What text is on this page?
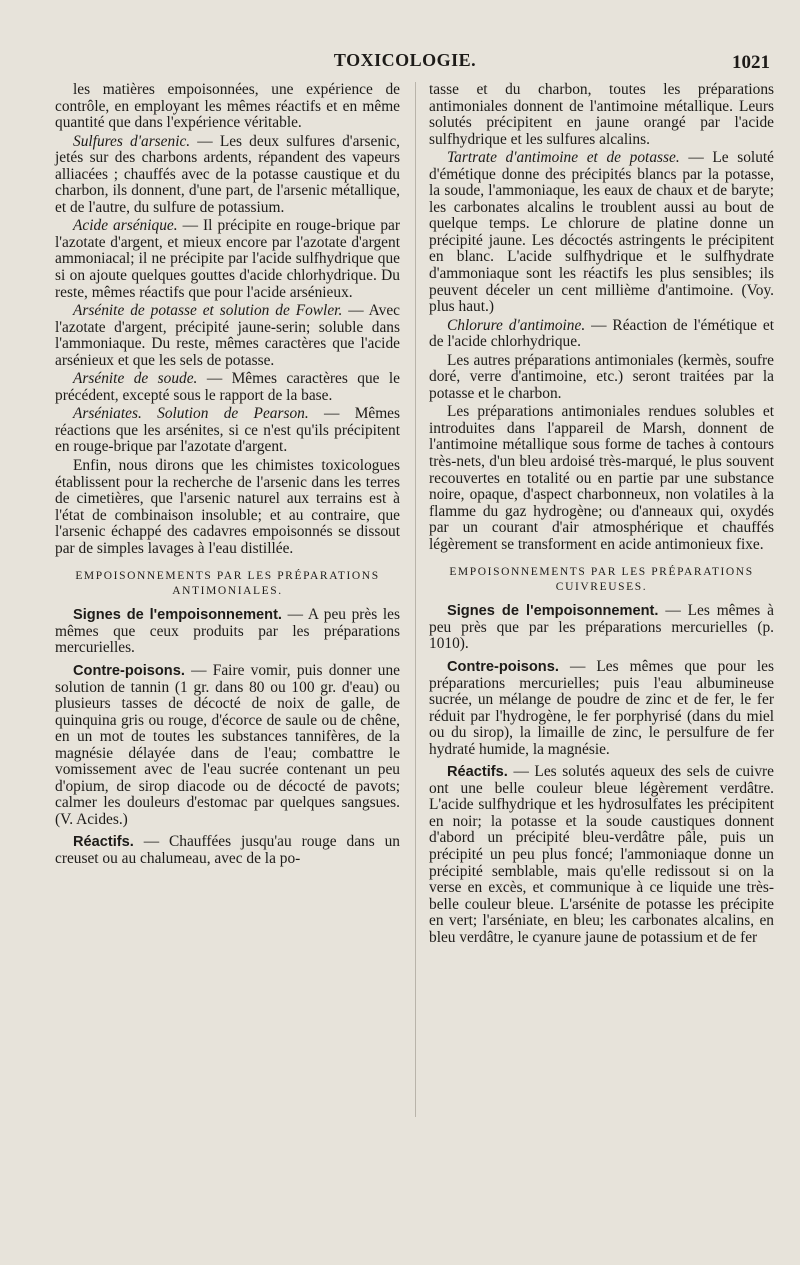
TOXICOLOGIE.	1021

les matières empoisonnées, une expérience de contrôle, en employant les mêmes réactifs et en même quantité que dans l'expérience véritable.

Sulfures d'arsenic. — Les deux sulfures d'arsenic, jetés sur des charbons ardents, répandent des vapeurs alliacées ; chauffés avec de la potasse caustique et du charbon, ils donnent, d'une part, de l'arsenic métallique, et de l'autre, du sulfure de potassium.

Acide arsénique. — Il précipite en rouge-brique par l'azotate d'argent, et mieux encore par l'azotate d'argent ammoniacal; il ne précipite par l'acide sulfhydrique que si on ajoute quelques gouttes d'acide chlorhydrique. Du reste, mêmes réactifs que pour l'acide arsénieux.

Arsénite de potasse et solution de Fowler. — Avec l'azotate d'argent, précipité jaune-serin; soluble dans l'ammoniaque. Du reste, mêmes caractères que l'acide arsénieux et que les sels de potasse.

Arsénite de soude. — Mêmes caractères que le précédent, excepté sous le rapport de la base.

Arséniates. Solution de Pearson. — Mêmes réactions que les arsénites, si ce n'est qu'ils précipitent en rouge-brique par l'azotate d'argent.

Enfin, nous dirons que les chimistes toxicologues établissent pour la recherche de l'arsenic dans les terres de cimetières, que l'arsenic naturel aux terrains est à l'état de combinaison insoluble; et au contraire, que l'arsenic échappé des cadavres empoisonnés se dissout par de simples lavages à l'eau distillée.

EMPOISONNEMENTS PAR LES PRÉPARATIONS ANTIMONIALES.

Signes de l'empoisonnement. — A peu près les mêmes que ceux produits par les préparations mercurielles.

Contre-poisons. — Faire vomir, puis donner une solution de tannin (1 gr. dans 80 ou 100 gr. d'eau) ou plusieurs tasses de décocté de noix de galle, de quinquina gris ou rouge, d'écorce de saule ou de chêne, en un mot de toutes les substances tannifères, de la magnésie délayée dans de l'eau; combattre le vomissement avec de l'eau sucrée contenant un peu d'opium, de sirop diacode ou de décocté de pavots; calmer les douleurs d'estomac par quelques sangsues. (V. Acides.)

Réactifs. — Chauffées jusqu'au rouge dans un creuset ou au chalumeau, avec de la po-

tasse et du charbon, toutes les préparations antimoniales donnent de l'antimoine métallique. Leurs solutés précipitent en jaune orangé par l'acide sulfhydrique et les sulfures alcalins.

Tartrate d'antimoine et de potasse. — Le soluté d'émétique donne des précipités blancs par la potasse, la soude, l'ammoniaque, les eaux de chaux et de baryte; les carbonates alcalins le troublent aussi au bout de quelque temps. Le chlorure de platine donne un précipité jaune. Les décoctés astringents le précipitent en blanc. L'acide sulfhydrique et le sulfhydrate d'ammoniaque sont les réactifs les plus sensibles; ils peuvent déceler un cent millième d'antimoine. (Voy. plus haut.)

Chlorure d'antimoine. — Réaction de l'émétique et de l'acide chlorhydrique.

Les autres préparations antimoniales (kermès, soufre doré, verre d'antimoine, etc.) seront traitées par la potasse et le charbon.

Les préparations antimoniales rendues solubles et introduites dans l'appareil de Marsh, donnent de l'antimoine métallique sous forme de taches à contours très-nets, d'un bleu ardoisé très-marqué, le plus souvent recouvertes en totalité ou en partie par une substance noire, opaque, d'aspect charbonneux, non volatiles à la flamme du gaz hydrogène; ou d'anneaux qui, oxydés par un courant d'air atmosphérique et chauffés légèrement se transforment en acide antimonieux fixe.

EMPOISONNEMENTS PAR LES PRÉPARATIONS CUIVREUSES.

Signes de l'empoisonnement. — Les mêmes à peu près que par les préparations mercurielles (p. 1010).

Contre-poisons. — Les mêmes que pour les préparations mercurielles; puis l'eau albumineuse sucrée, un mélange de poudre de zinc et de fer, le fer réduit par l'hydrogène, le fer porphyrisé (dans du miel ou du sirop), la limaille de zinc, le persulfure de fer hydraté humide, la magnésie.

Réactifs. — Les solutés aqueux des sels de cuivre ont une belle couleur bleue légèrement verdâtre. L'acide sulfhydrique et les hydrosulfates les précipitent en noir; la potasse et la soude caustiques donnent d'abord un précipité bleu-verdâtre pâle, puis un précipité un peu plus foncé; l'ammoniaque donne un précipité semblable, mais qu'elle redissout si on la verse en excès, et communique à ce liquide une très-belle couleur bleue. L'arsénite de potasse les précipite en vert; l'arséniate, en bleu; les carbonates alcalins, en bleu verdâtre, le cyanure jaune de potassium et de fer
